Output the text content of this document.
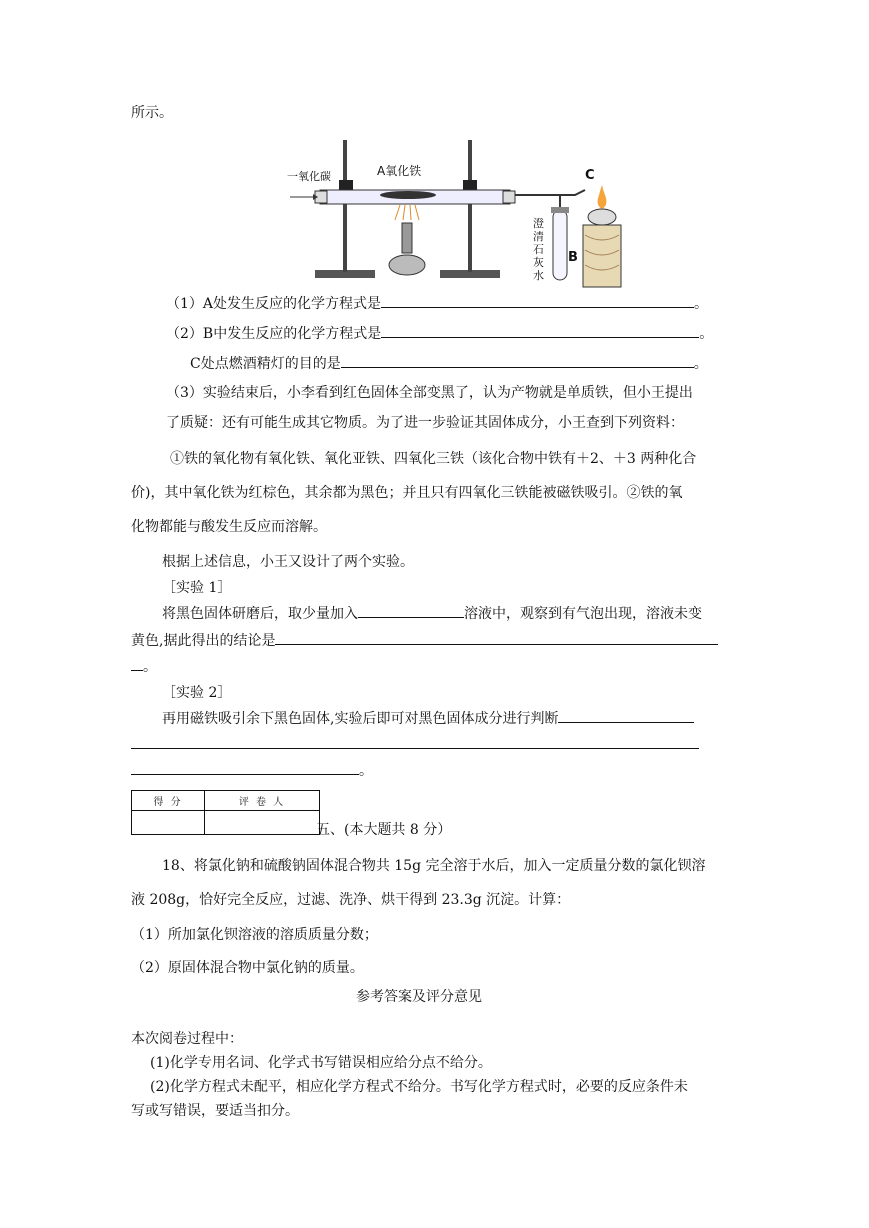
所示。
一氧化碳	A氧化铁	C
B
澄
清
石
灰
水
（1）A处发生反应的化学方程式是	。
（2）B中发生反应的化学方程式是	。
C处点燃酒精灯的目的是	。
（3）实验结束后，小李看到红色固体全部变黑了，认为产物就是单质铁，但小王提出
了质疑：还有可能生成其它物质。为了进一步验证其固体成分，小王查到下列资料：
①铁的氧化物有氧化铁、氧化亚铁、四氧化三铁（该化合物中铁有＋2、＋3 两种化合
价)，其中氧化铁为红棕色，其余都为黑色；并且只有四氧化三铁能被磁铁吸引。②铁的氧
化物都能与酸发生反应而溶解。
根据上述信息，小王又设计了两个实验。
［实验 1］
将黑色固体研磨后，取少量加入	溶液中，观察到有气泡出现，溶液未变
黄色,据此得出的结论是
。
［实验 2］
再用磁铁吸引余下黑色固体,实验后即可对黑色固体成分进行判断
。
得 分	评 卷 人

五、(本大题共 8 分）
18、将氯化钠和硫酸钠固体混合物共 15g 完全溶于水后，加入一定质量分数的氯化钡溶
液 208g，恰好完全反应，过滤、洗净、烘干得到 23.3g 沉淀。计算：
（1）所加氯化钡溶液的溶质质量分数；
（2）原固体混合物中氯化钠的质量。
参考答案及评分意见
本次阅卷过程中：
(1)化学专用名词、化学式书写错误相应给分点不给分。
(2)化学方程式未配平，相应化学方程式不给分。书写化学方程式时，必要的反应条件未
写或写错误，要适当扣分。
